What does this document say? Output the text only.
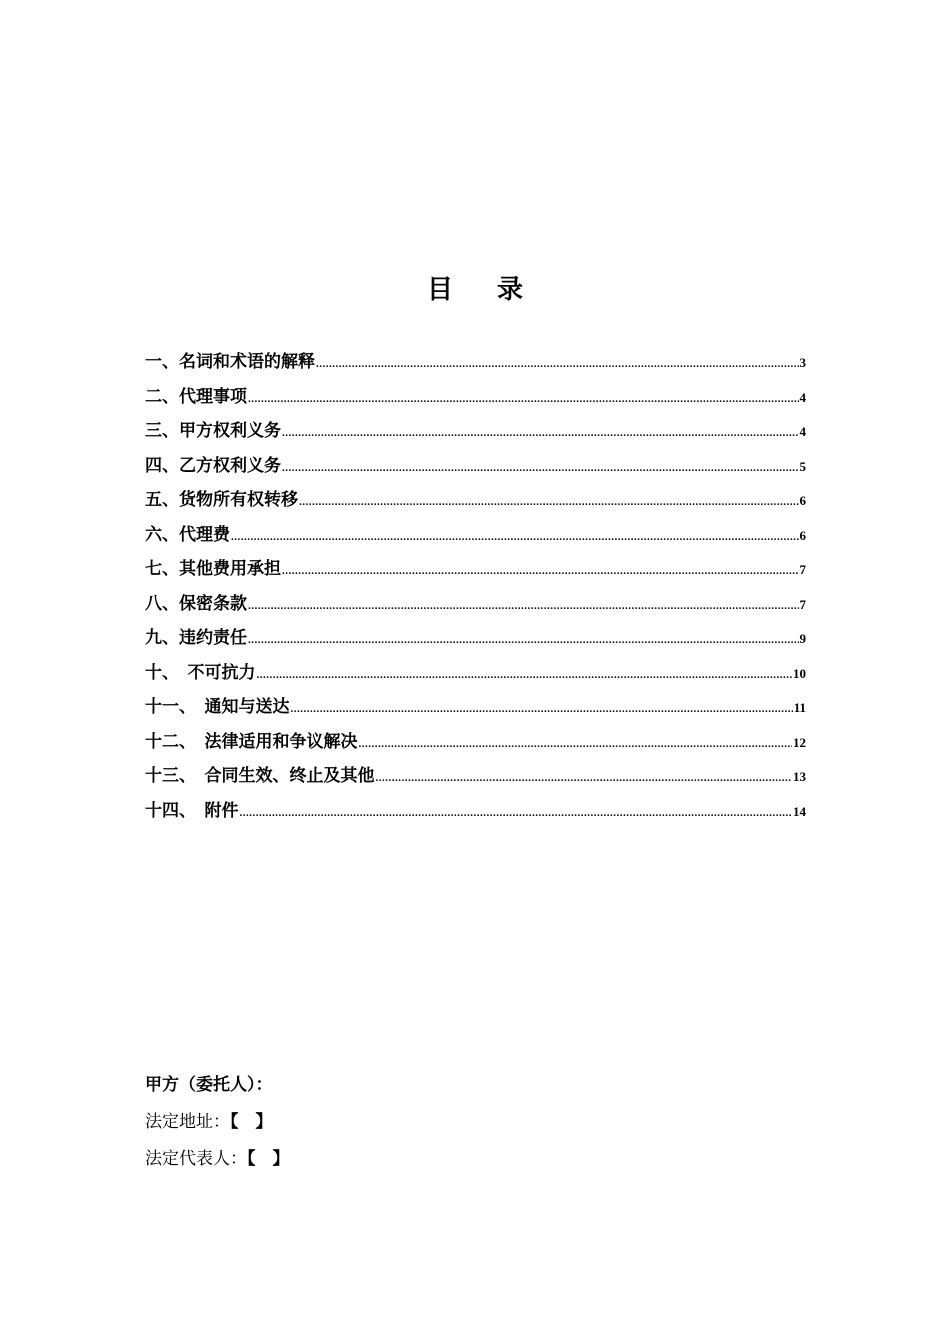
目 录
一、 名词和术语的解释 .....	3
二、 代理事项 .....	4
三、 甲方权利义务 .....	4
四、 乙方权利义务 .....	5
五、 货物所有权转移 .....	6
六、 代理费 .....	6
七、 其他费用承担 .....	7
八、 保密条款 .....	7
九、 违约责任 .....	9
十、 不可抗力 .....	10
十一、 通知与送达 .....	11
十二、 法律适用和争议解决 .....	12
十三、 合同生效、终止及其他 .....	13
十四、 附件 .....	14
甲方（委托人）：
法定地址：【    】
法定代表人：【    】
